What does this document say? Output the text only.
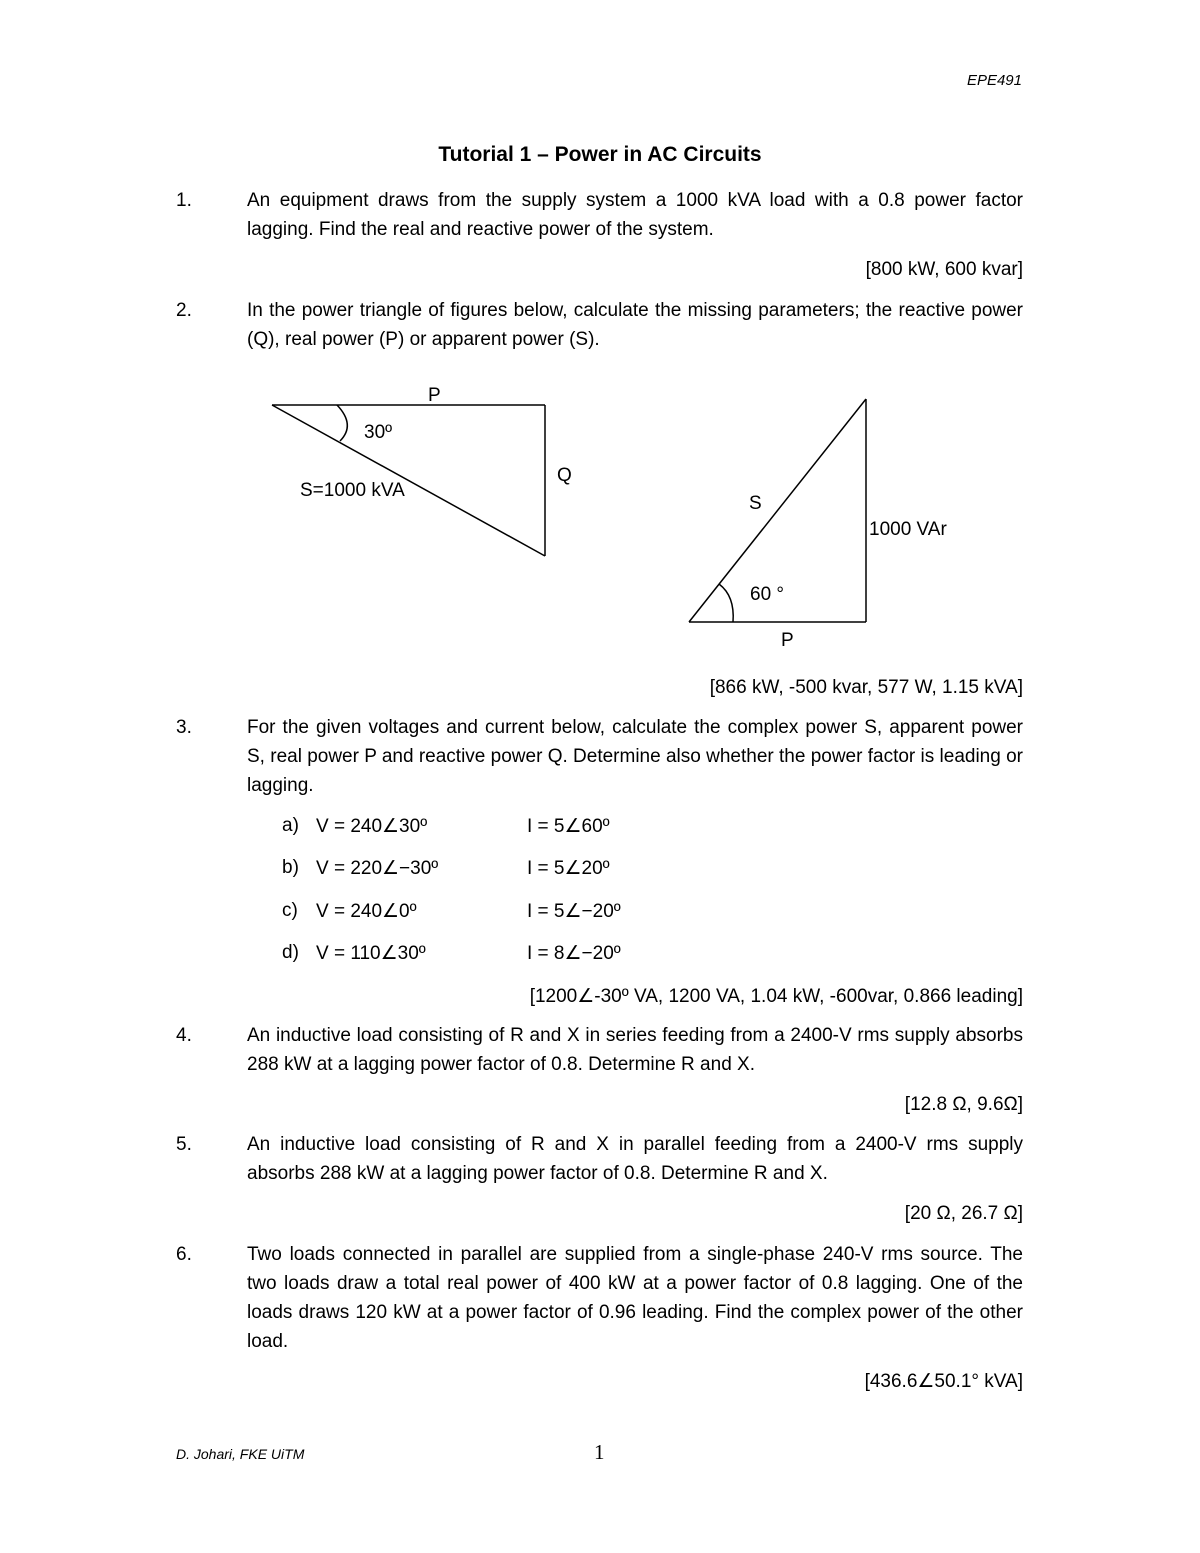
EPE491
Tutorial 1 – Power in AC Circuits
1.	An equipment draws from the supply system a 1000 kVA load with a 0.8 power factor lagging. Find the real and reactive power of the system.
[800 kW, 600 kvar]
2.	In the power triangle of figures below, calculate the missing parameters; the reactive power (Q), real power (P) or apparent power (S).
P
Q
S=1000 kVA
30º
P
1000 VAr
S
60 °
[866 kW, -500 kvar, 577 W, 1.15 kVA]
3.	For the given voltages and current below, calculate the complex power S, apparent power S, real power P and reactive power Q. Determine also whether the power factor is leading or lagging.
a) V = 240∠30º	I = 5∠60º
b) V = 220∠−30º	I = 5∠20º
c) V = 240∠0º	I = 5∠−20º
d) V = 110∠30º	I = 8∠−20º
[1200∠-30º VA, 1200 VA, 1.04 kW, -600var, 0.866 leading]
4.	An inductive load consisting of R and X in series feeding from a 2400-V rms supply absorbs 288 kW at a lagging power factor of 0.8. Determine R and X.
[12.8 Ω, 9.6Ω]
5.	An inductive load consisting of R and X in parallel feeding from a 2400-V rms supply absorbs 288 kW at a lagging power factor of 0.8. Determine R and X.
[20 Ω, 26.7 Ω]
6.	Two loads connected in parallel are supplied from a single-phase 240-V rms source. The two loads draw a total real power of 400 kW at a power factor of 0.8 lagging. One of the loads draws 120 kW at a power factor of 0.96 leading. Find the complex power of the other load.
[436.6∠50.1° kVA]
D. Johari, FKE UiTM	1
